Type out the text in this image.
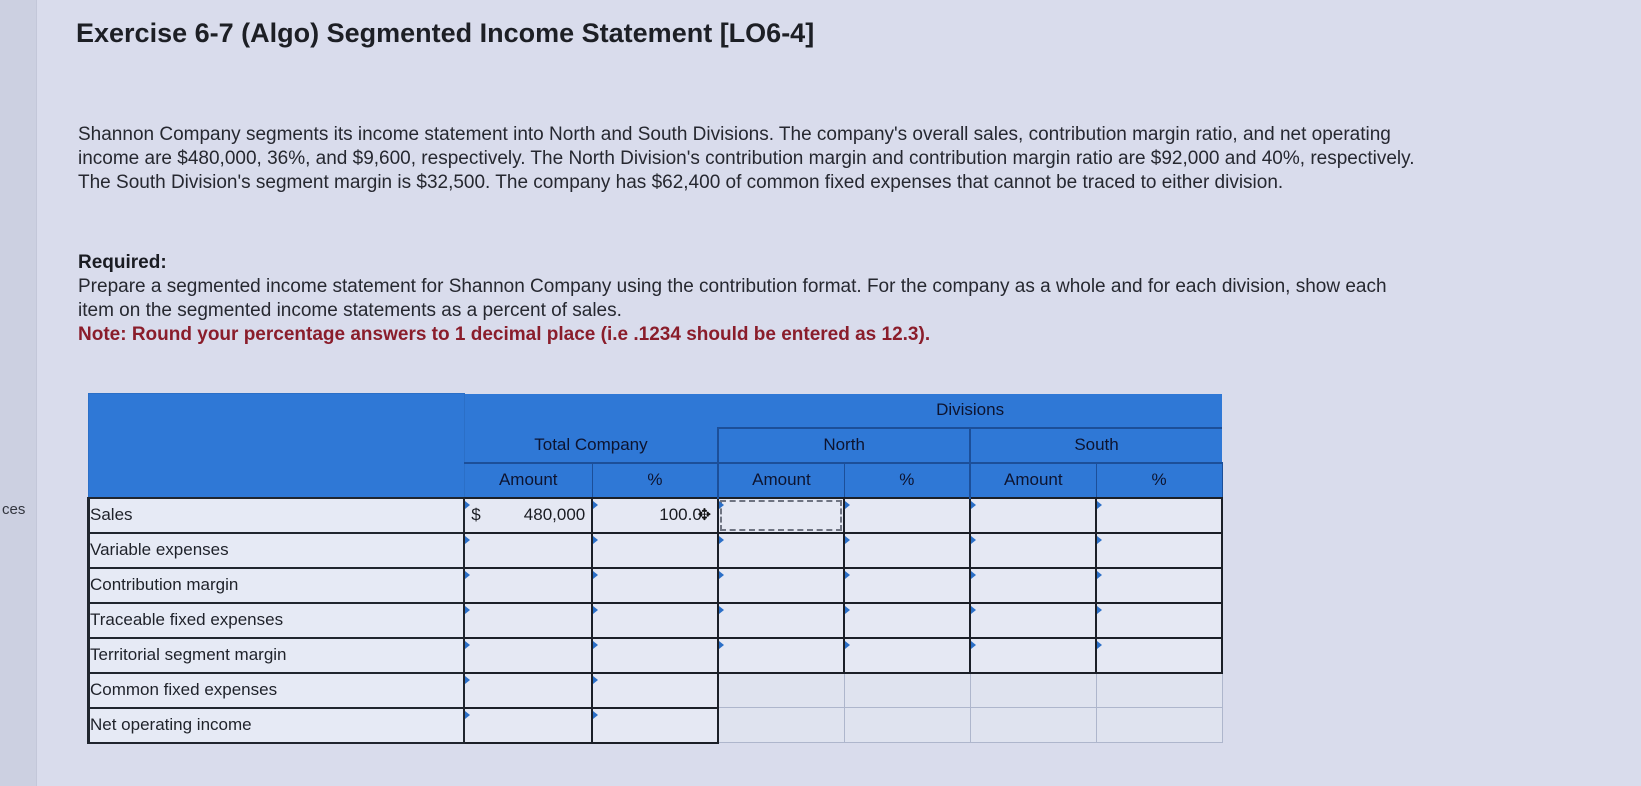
ces
Exercise 6-7 (Algo) Segmented Income Statement [LO6-4]
Shannon Company segments its income statement into North and South Divisions. The company's overall sales, contribution margin ratio, and net operating income are $480,000, 36%, and $9,600, respectively. The North Division's contribution margin and contribution margin ratio are $92,000 and 40%, respectively. The South Division's segment margin is $32,500. The company has $62,400 of common fixed expenses that cannot be traced to either division.
Required:
Prepare a segmented income statement for Shannon Company using the contribution format. For the company as a whole and for each division, show each item on the segmented income statements as a percent of sales.
Note: Round your percentage answers to 1 decimal place (i.e .1234 should be entered as 12.3).
			Divisions			
	Total Company		North		South	
	Amount	%	Amount	%	Amount	%
Sales	$ 480,000	100.0
✥				

Variable expenses	

Contribution margin	

Traceable fixed expenses	

Territorial segment margin	

Common fixed expenses	

Net operating income	
